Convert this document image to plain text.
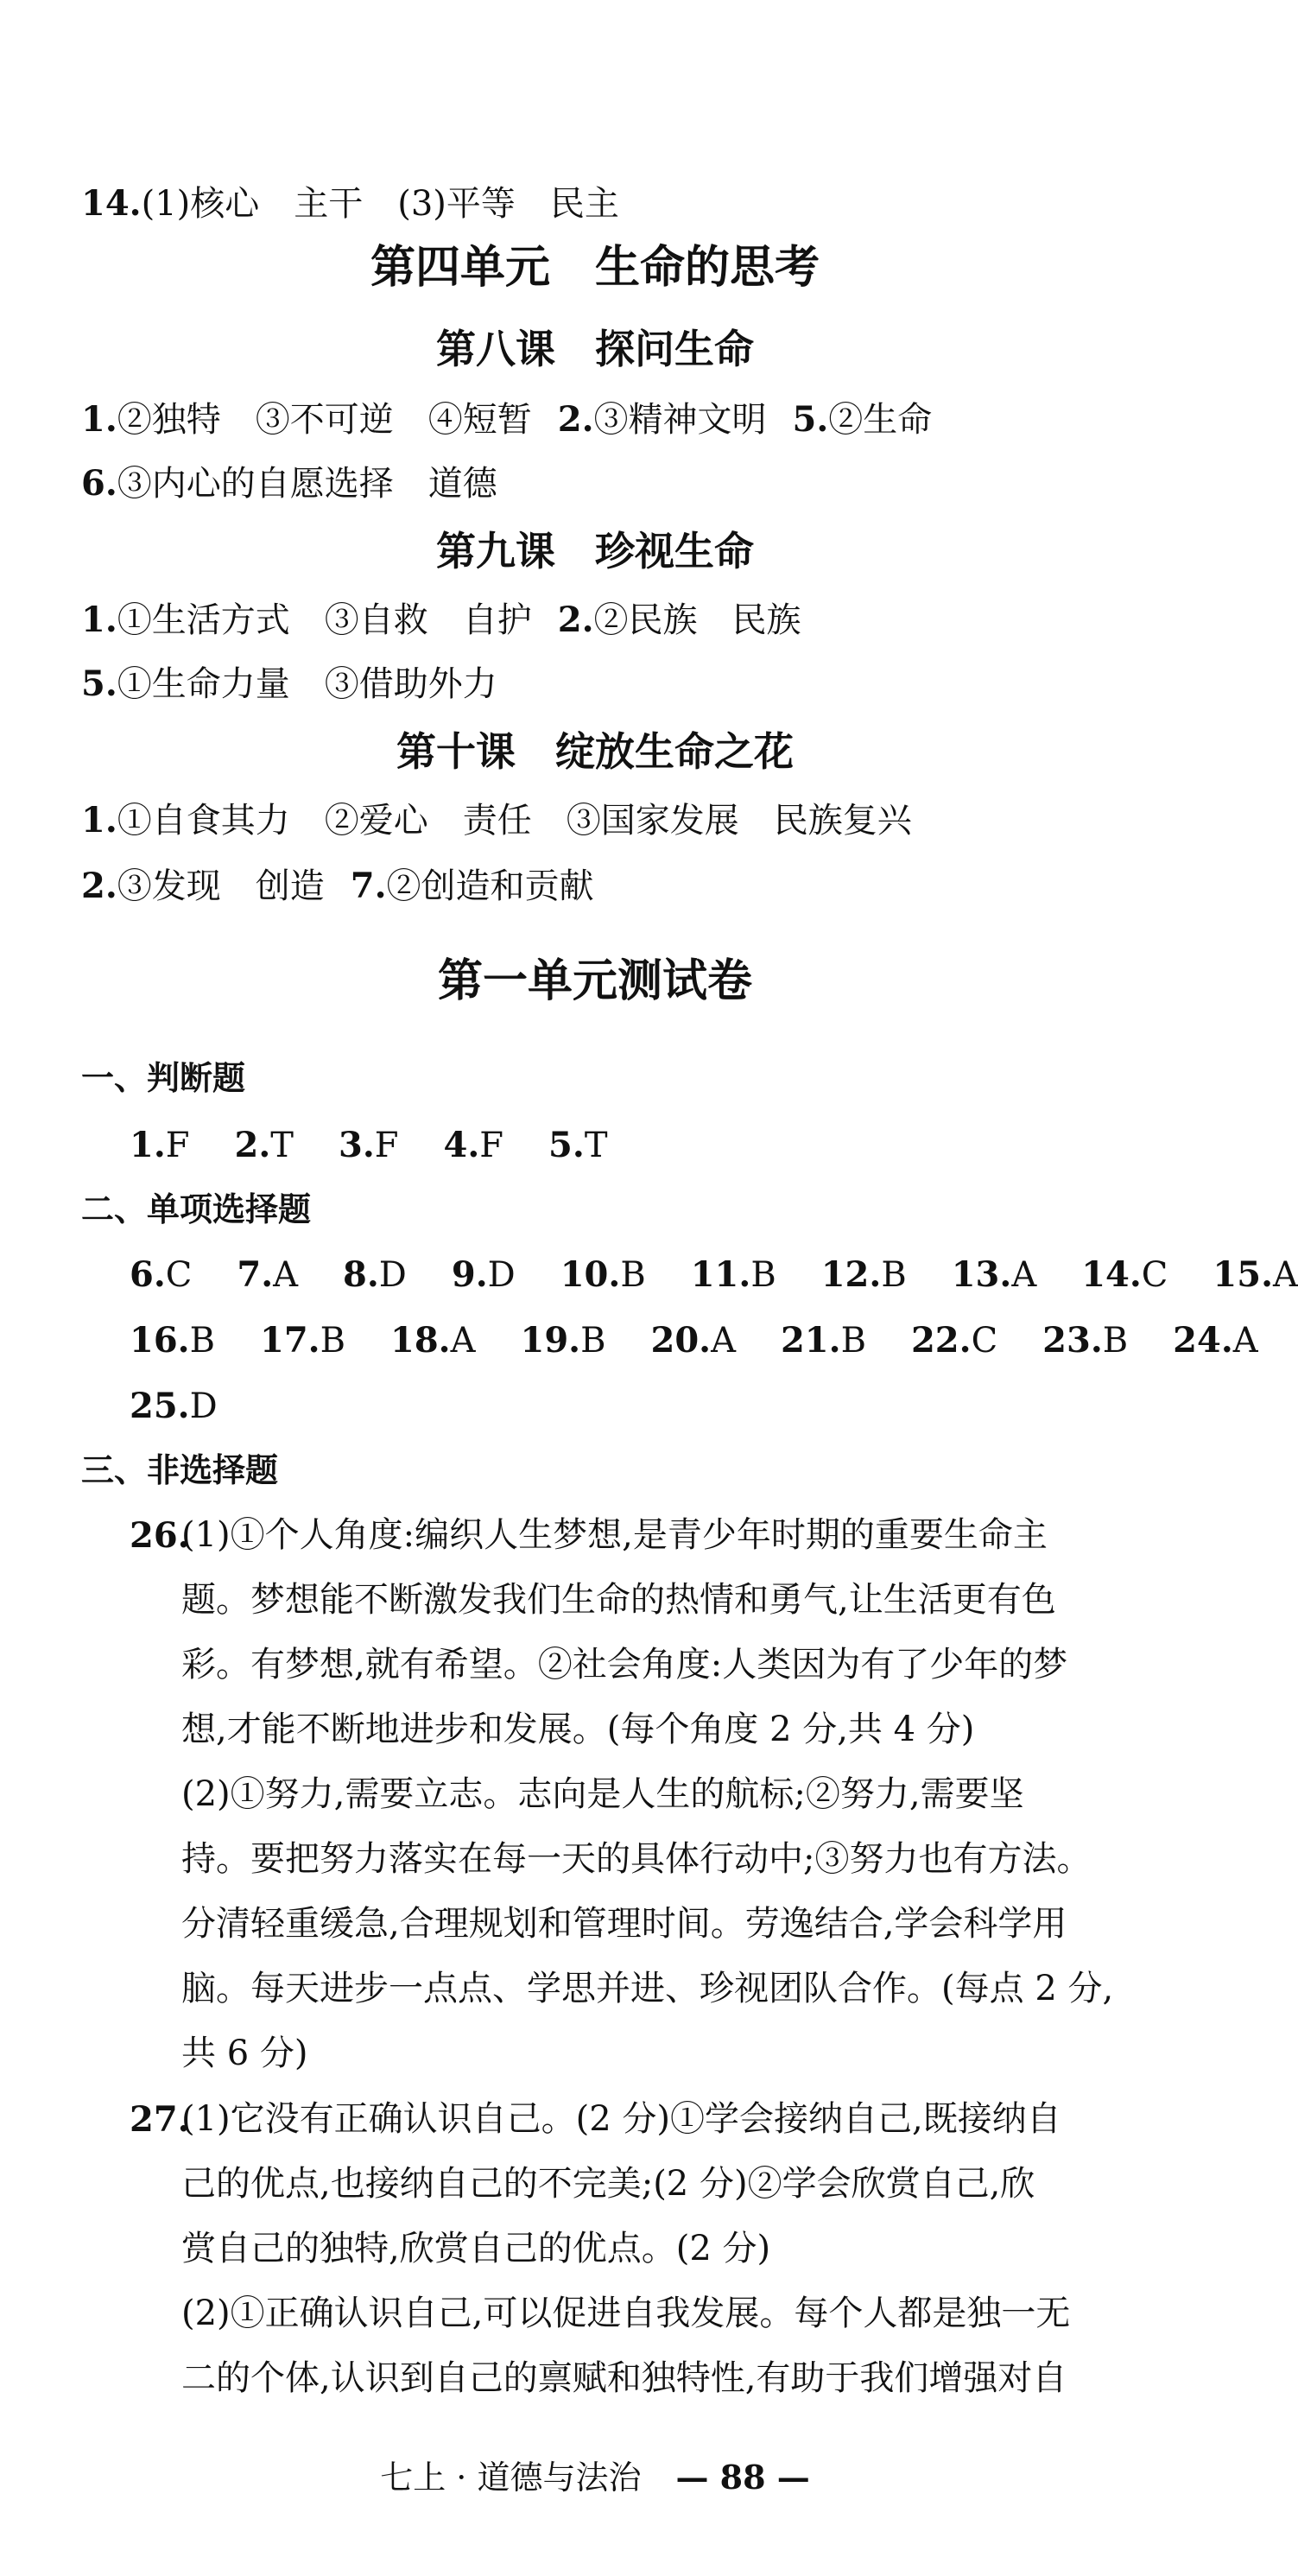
14.(1)核心　主干　(3)平等　民主
第四单元　生命的思考
第八课　探问生命
1.②独特　③不可逆　④短暂 2.③精神文明 5.②生命
6.③内心的自愿选择　道德
第九课　珍视生命
1.①生活方式　③自救　自护 2.②民族　民族
5.①生命力量　③借助外力
第十课　绽放生命之花
1.①自食其力　②爱心　责任　③国家发展　民族复兴
2.③发现　创造 7.②创造和贡献
第一单元测试卷
一、判断题
1.F 2.T 3.F 4.F 5.T
二、单项选择题
6.C 7.A 8.D 9.D 10.B 11.B 12.B 13.A 14.C 15.A
16.B 17.B 18.A 19.B 20.A 21.B 22.C 23.B 24.A
25.D
三、非选择题
26.
(1)①个人角度:编织人生梦想,是青少年时期的重要生命主
题。梦想能不断激发我们生命的热情和勇气,让生活更有色
彩。有梦想,就有希望。②社会角度:人类因为有了少年的梦
想,才能不断地进步和发展。(每个角度 2 分,共 4 分)
(2)①努力,需要立志。志向是人生的航标;②努力,需要坚
持。要把努力落实在每一天的具体行动中;③努力也有方法。
分清轻重缓急,合理规划和管理时间。劳逸结合,学会科学用
脑。每天进步一点点、学思并进、珍视团队合作。(每点 2 分,
共 6 分)
27.
(1)它没有正确认识自己。(2 分)①学会接纳自己,既接纳自
己的优点,也接纳自己的不完美;(2 分)②学会欣赏自己,欣
赏自己的独特,欣赏自己的优点。(2 分)
(2)①正确认识自己,可以促进自我发展。每个人都是独一无
二的个体,认识到自己的禀赋和独特性,有助于我们增强对自
七上 · 道德与法治 — 88 —
